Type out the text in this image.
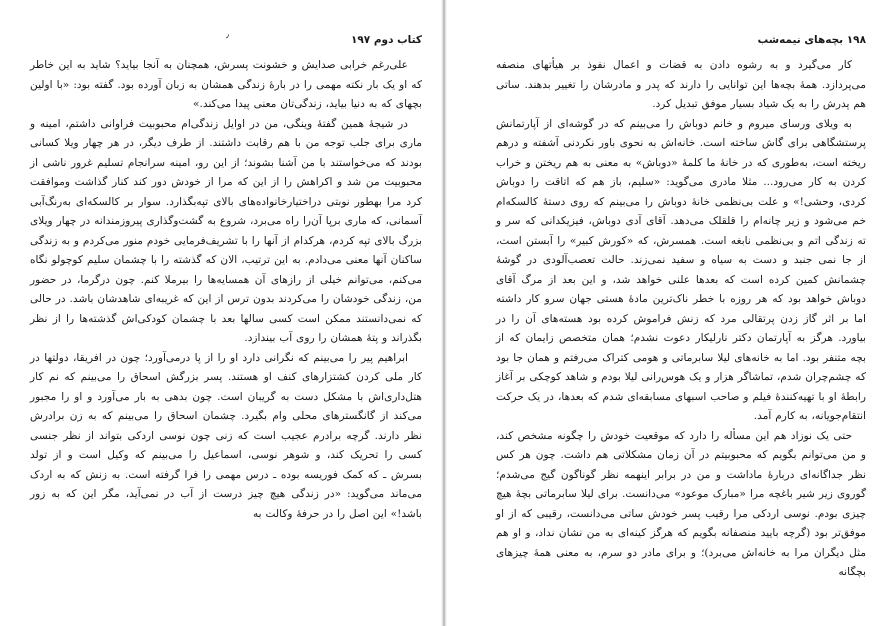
کتاب دوم ۱۹۷
٫

علی‌رغم خرابی صدایش و خشونت پسرش، همچنان به آنجا بیاید؟ شاید به این خاطر که او یک بار نکته مهمی را در بارهٔ زندگی همشان به زبان آورده بود. گفته بود: «با اولین بچهای که به دنیا بیاید، زندگی‌تان معنی پیدا می‌کند.»

در شیجهٔ همین گفتهٔ وینگی، من در اوایل زندگی‌ام محبوبیت فراوانی داشتم، امینه و ماری برای جلب توجه من با هم رقابت داشتند. از طرف دیگر، در هر چهار ویلا کسانی بودند که می‌خواستند با من آشنا بشوند؛ از این رو، امینه سرانجام تسلیم غرور ناشی از محبوبیت من شد و اکراهش را از این که مرا از خودش دور کند کنار گذاشت وموافقت کرد مرا بهطور نوبتی درا‌ختیارخانواده‌های بالای تپه‌بگذارد. سوار بر کالسکه‌ای به‌رنگ‌آبی آسمانی، که ماری برپا آن‌را راه می‌برد، شروع به گشت‌وگذاری پیروزمندانه در چهار ویلای بزرگ بالای تپه کردم، هرکدام از آنها را با تشریف‌فرمایی خودم منور می‌کردم و به زندگی ساکنان آنها معنی می‌دادم. به این ترتیب، الان که گذشته را با چشمان سلیم کوچولو نگاه می‌کنم، می‌توانم خیلی از رازهای آن همسایه‌ها را بیرملا کنم. چون درگرما، در حضور من، زندگی خودشان را می‌کردند بدون ترس از این که غریبه‌ای شاهدشان باشد. در حالی که نمی‌دانستند ممکن است کسی سالها بعد با چشمان کودکی‌اش گذشته‌ها را از نظر بگذراند و پتهٔ همشان را روی آب بیندازد.

ابراهیم پیر را می‌بینم که نگرانی دارد او را از پا درمی‌آورد؛ چون در افریقا، دولتها در کار ملی کردن کشتزارهای کنف او هستند. پسر بزرگش اسحاق را می‌بینم که نم کار هتل‌داری‌اش با مشکل دست به گریبان است. چون بدهی به بار می‌آورد و او را مجبور می‌کند از گانگسترهای محلی وام بگیرد. چشمان اسحاق را می‌بینم که به زن برادرش نظر دارند. گرچه برادرم عجیب است که زنی چون نوسی اردکی بتواند از نظر جنسی کسی را تحریک کند، و شوهر نوسی، اسماعیل را می‌بینم که وکیل است و از تولد بسرش ـ که کمک فوریسه بوده ـ درس مهمی را فرا گرفته است. به زنش که به اردک می‌ماند می‌گوید: «در زندگی هیچ چیز درست از آب در نمی‌آید، مگر این که به زور باشد!» این اصل را در حرفهٔ وکالت به

۱۹۸ بچه‌های نیمه‌شب

کار می‌گیرد و به رشوه دادن به قضات و اعمال نفوذ بر هیأتهای منصفه می‌پردازد. همهٔ بچه‌ها این توانایی را دارند که پدر و مادرشان را تغییر بدهند. ساتی هم پدرش را به یک شیاد بسیار موفق تبدیل کرد.

به ویلای ورسای میروم و خانم دوباش را می‌بینم که در گوشه‌ای از آپارتمانش پرستشگاهی برای گاش ساخته است. خانه‌اش به نحوی باور نکردنی آشفته و درهم ریخته است، به‌طوری که در خانهٔ ما کلمهٔ «دوباش» به معنی به هم ریختن و خراب کردن به کار می‌رود... مثلا مادری می‌گوید: «سلیم، باز هم که اتاقت را دوباش کردی، وحشی!» و علت بی‌نظمی خانهٔ دوباش را می‌بینم که روی دستهٔ کالسکه‌ام خم می‌شود و زیر چانه‌ام را قلقلک می‌دهد. آقای آدی دوباش، فیزیکدانی که سر و ته زندگی اتم و بی‌نظمی نابغه است. همسرش، که «کورش کبیر» را آبستن است، از جا نمی جنبد و دست به سیاه و سفید نمی‌زند. حالت تعصب‌آلودی در گوشهٔ چشمانش کمین کرده است که بعدها علنی خواهد شد، و این بعد از مرگ آقای دوباش خواهد بود که هر روزه با خطر ناک‌ترین مادهٔ هستی جهان سرو کار داشته اما بر اثر گاز زدن پرتقالی مرد که زنش فراموش کرده بود هسته‌های آن را در بیاورد. هرگز به آپارتمان دکتر نارلیکار دعوت نشدم؛ همان متخصص زایمان که از بچه متنفر بود. اما به خانه‌های لیلا سابرماتی و هومی کتراک می‌رفتم و همان جا بود که چشم‌چران شدم، تماشاگر هزار و یک هوس‌رانی لیلا بودم و شاهد کوچکی بر آغاز رابطهٔ او با تهیه‌کنندهٔ فیلم و صاحب اسبهای مسابقه‌ای شدم که بعدها، در یک حرکت انتقام‌جویانه، به کارم آمد.

حتی یک نوزاد هم این مسأله را دارد که موقعیت خودش را چگونه مشخص کند، و من می‌توانم بگویم که محبوبیتم در آن زمان مشکلاتی هم داشت. چون هر کس نظر جداگانه‌ای دربارهٔ ماداشت و من در برابر اینهمه نظر گوناگون گیج می‌شدم؛ گوروی زیر شیر باغچه مرا «مبارک موعود» می‌دانست. برای لیلا سابرماتی بچهٔ هیچ چیزی بودم. نوسی اردکی مرا رقیب پسر خودش ساتی می‌دانست، رقیبی که از او موفق‌تر بود (گرچه بایید منصفانه بگویم که هرگز کینه‌ای به من نشان نداد، و او هم مثل دیگران مرا به خانه‌اش می‌برد)؛ و برای مادر دو سرم، به معنی همهٔ چیزهای بچگانه
